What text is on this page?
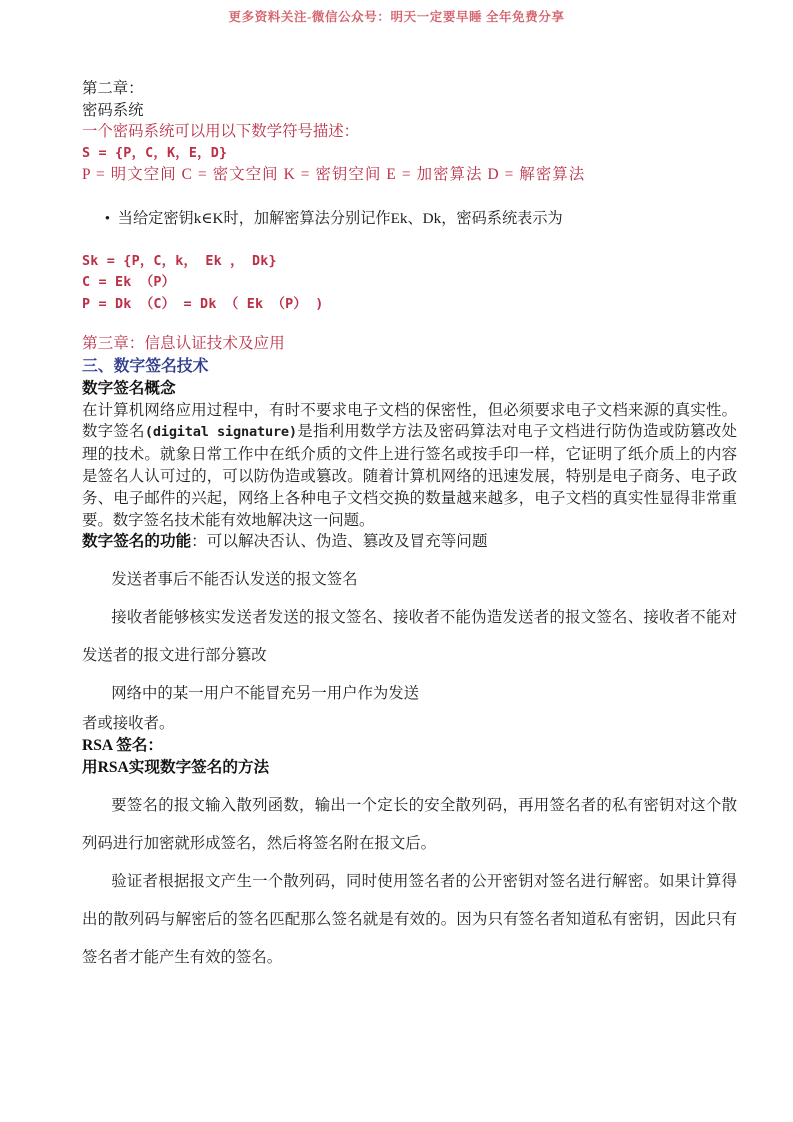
更多资料关注-微信公众号：明天一定要早睡 全年免费分享
第二章：
密码系统
一个密码系统可以用以下数学符号描述：
S = {P，C，K，E，D}
P = 明文空间 C = 密文空间 K = 密钥空间 E = 加密算法 D = 解密算法

• 当给定密钥k∈K时，加解密算法分别记作Ek、Dk，密码系统表示为

Sk = {P，C，k， Ek ， Dk}
C = Ek （P）
P = Dk （C） = Dk （ Ek （P） )
第三章：信息认证技术及应用
三、数字签名技术
数字签名概念

在计算机网络应用过程中，有时不要求电子文档的保密性，但必须要求电子文档来源的真实性。数字签名(digital signature)是指利用数学方法及密码算法对电子文档进行防伪造或防篡改处理的技术。就象日常工作中在纸介质的文件上进行签名或按手印一样，它证明了纸介质上的内容是签名人认可过的，可以防伪造或篡改。随着计算机网络的迅速发展，特别是电子商务、电子政务、电子邮件的兴起，网络上各种电子文档交换的数量越来越多，电子文档的真实性显得非常重要。数字签名技术能有效地解决这一问题。

数字签名的功能：可以解决否认、伪造、篡改及冒充等问题

发送者事后不能否认发送的报文签名

接收者能够核实发送者发送的报文签名、接收者不能伪造发送者的报文签名、接收者不能对发送者的报文进行部分篡改

网络中的某一用户不能冒充另一用户作为发送

者或接收者。
RSA 签名：
用RSA实现数字签名的方法

要签名的报文输入散列函数，输出一个定长的安全散列码，再用签名者的私有密钥对这个散列码进行加密就形成签名，然后将签名附在报文后。

验证者根据报文产生一个散列码，同时使用签名者的公开密钥对签名进行解密。如果计算得出的散列码与解密后的签名匹配那么签名就是有效的。因为只有签名者知道私有密钥，因此只有签名者才能产生有效的签名。
